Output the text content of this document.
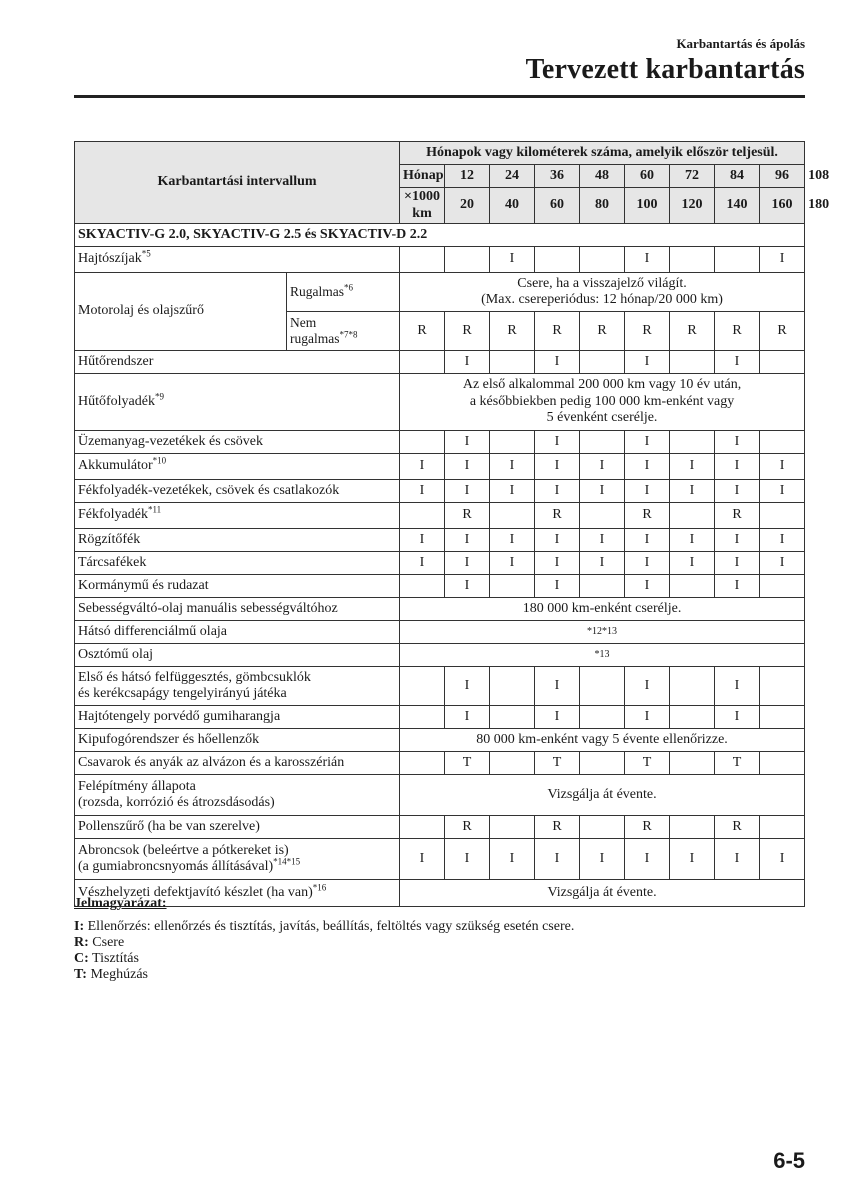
Karbantartás és ápolás
Tervezett karbantartás
Karbantartási intervallum		Hónapok vagy kilométerek száma, amelyik először teljesül.									
		Hónap	12	24	36	48	60	72	84	96	108
		×1000 km	20	40	60	80	100	120	140	160	180
SKYACTIV-G 2.0, SKYACTIV-G 2.5 és SKYACTIV-D 2.2											
Hajtószíjak$^{*5}$				I			I			I	
Motorolaj és olajszűrő	Rugalmas$^{*6}$	Csere, ha a visszajelző világít.
(Max. csereperiódus: 12 hónap/20 000 km)									

	Nem
rugalmas$^{*7*8}$	R	R	R	R	R	R	R	R	R	
Hűtőrendszer			I		I		I		I		
Hűtőfolyadék$^{*9}$		Az első alkalommal 200 000 km vagy 10 év után,
a későbbiekben pedig 100 000 km-enként vagy
5 évenként cserélje.									

Üzemanyag-vezetékek és csövek			I		I		I		I		
Akkumulátor$^{*10}$		I	I	I	I	I	I	I	I	I	
Fékfolyadék-vezetékek, csövek és csatlakozók		I	I	I	I	I	I	I	I	I	
Fékfolyadék$^{*11}$			R		R		R		R		
Rögzítőfék		I	I	I	I	I	I	I	I	I	
Tárcsafékek		I	I	I	I	I	I	I	I	I	
Kormánymű és rudazat			I		I		I		I		
Sebességváltó-olaj manuális sebességváltóhoz		180 000 km-enként cserélje.									
Hátsó differenciálmű olaja		*12*13									
Osztómű olaj		*13									

Első és hátsó felfüggesztés, gömbcsuklók
és kerékcsapágy tengelyirányú játéka			I		I		I		I		
Hajtótengely porvédő gumiharangja			I		I		I		I		
Kipufogórendszer és hőellenzők		80 000 km-enként vagy 5 évente ellenőrizze.									
Csavarok és anyák az alvázon és a karosszérián			T		T		T		T		

Felépítmény állapota
(rozsda, korrózió és átrozsdásodás)		Vizsgálja át évente.									
Pollenszűrő (ha be van szerelve)			R		R		R		R		

Abroncsok (beleértve a pótkereket is)
(a gumiabroncsnyomás állításával)$^{*14*15}$		I	I	I	I	I	I	I	I	I	
Vészhelyzeti defektjavító készlet (ha van)$^{*16}$		Vizsgálja át évente.									
Jelmagyarázat:
I: Ellenőrzés: ellenőrzés és tisztítás, javítás, beállítás, feltöltés vagy szükség esetén csere.
R: Csere
C: Tisztítás
T: Meghúzás
6-5
